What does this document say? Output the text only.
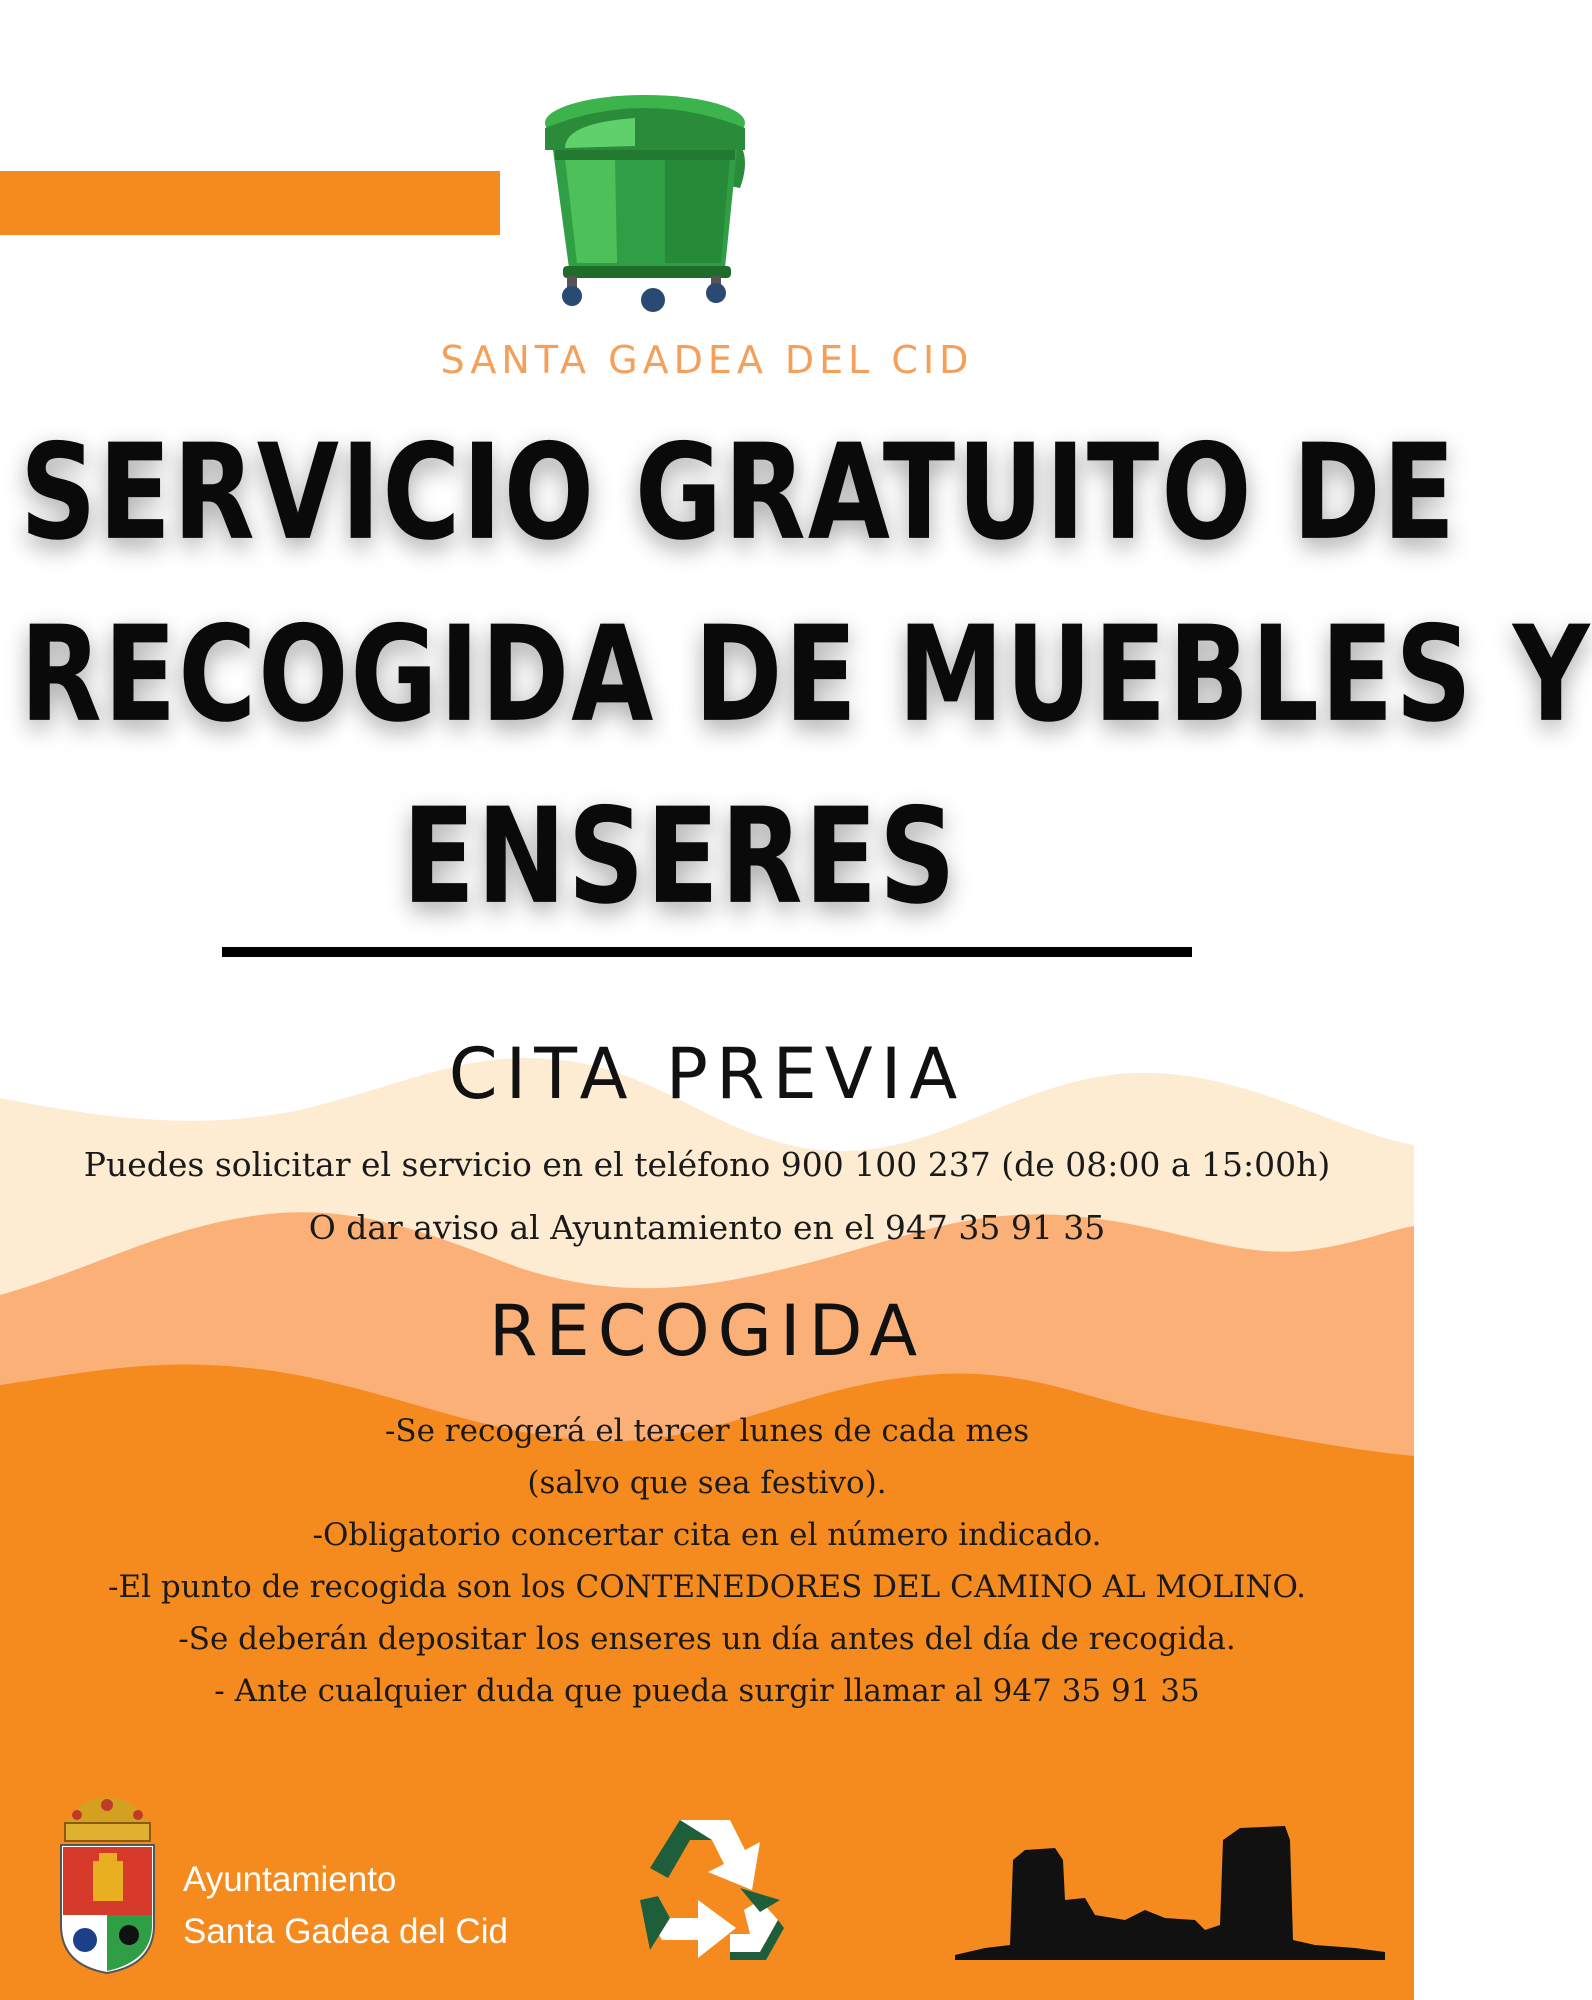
SANTA GADEA DEL CID
SERVICIO GRATUITO DE
RECOGIDA DE MUEBLES Y
ENSERES
CITA PREVIA
Puedes solicitar el servicio en el teléfono 900 100 237 (de 08:00 a 15:00h)
O dar aviso al Ayuntamiento en el 947 35 91 35
RECOGIDA
-Se recogerá el tercer lunes de cada mes
(salvo que sea festivo).
-Obligatorio concertar cita en el número indicado.
-El punto de recogida son los CONTENEDORES DEL CAMINO AL MOLINO.
-Se deberán depositar los enseres un día antes del día de recogida.
- Ante cualquier duda que pueda surgir llamar al 947 35 91 35
Ayuntamiento
Santa Gadea del Cid
